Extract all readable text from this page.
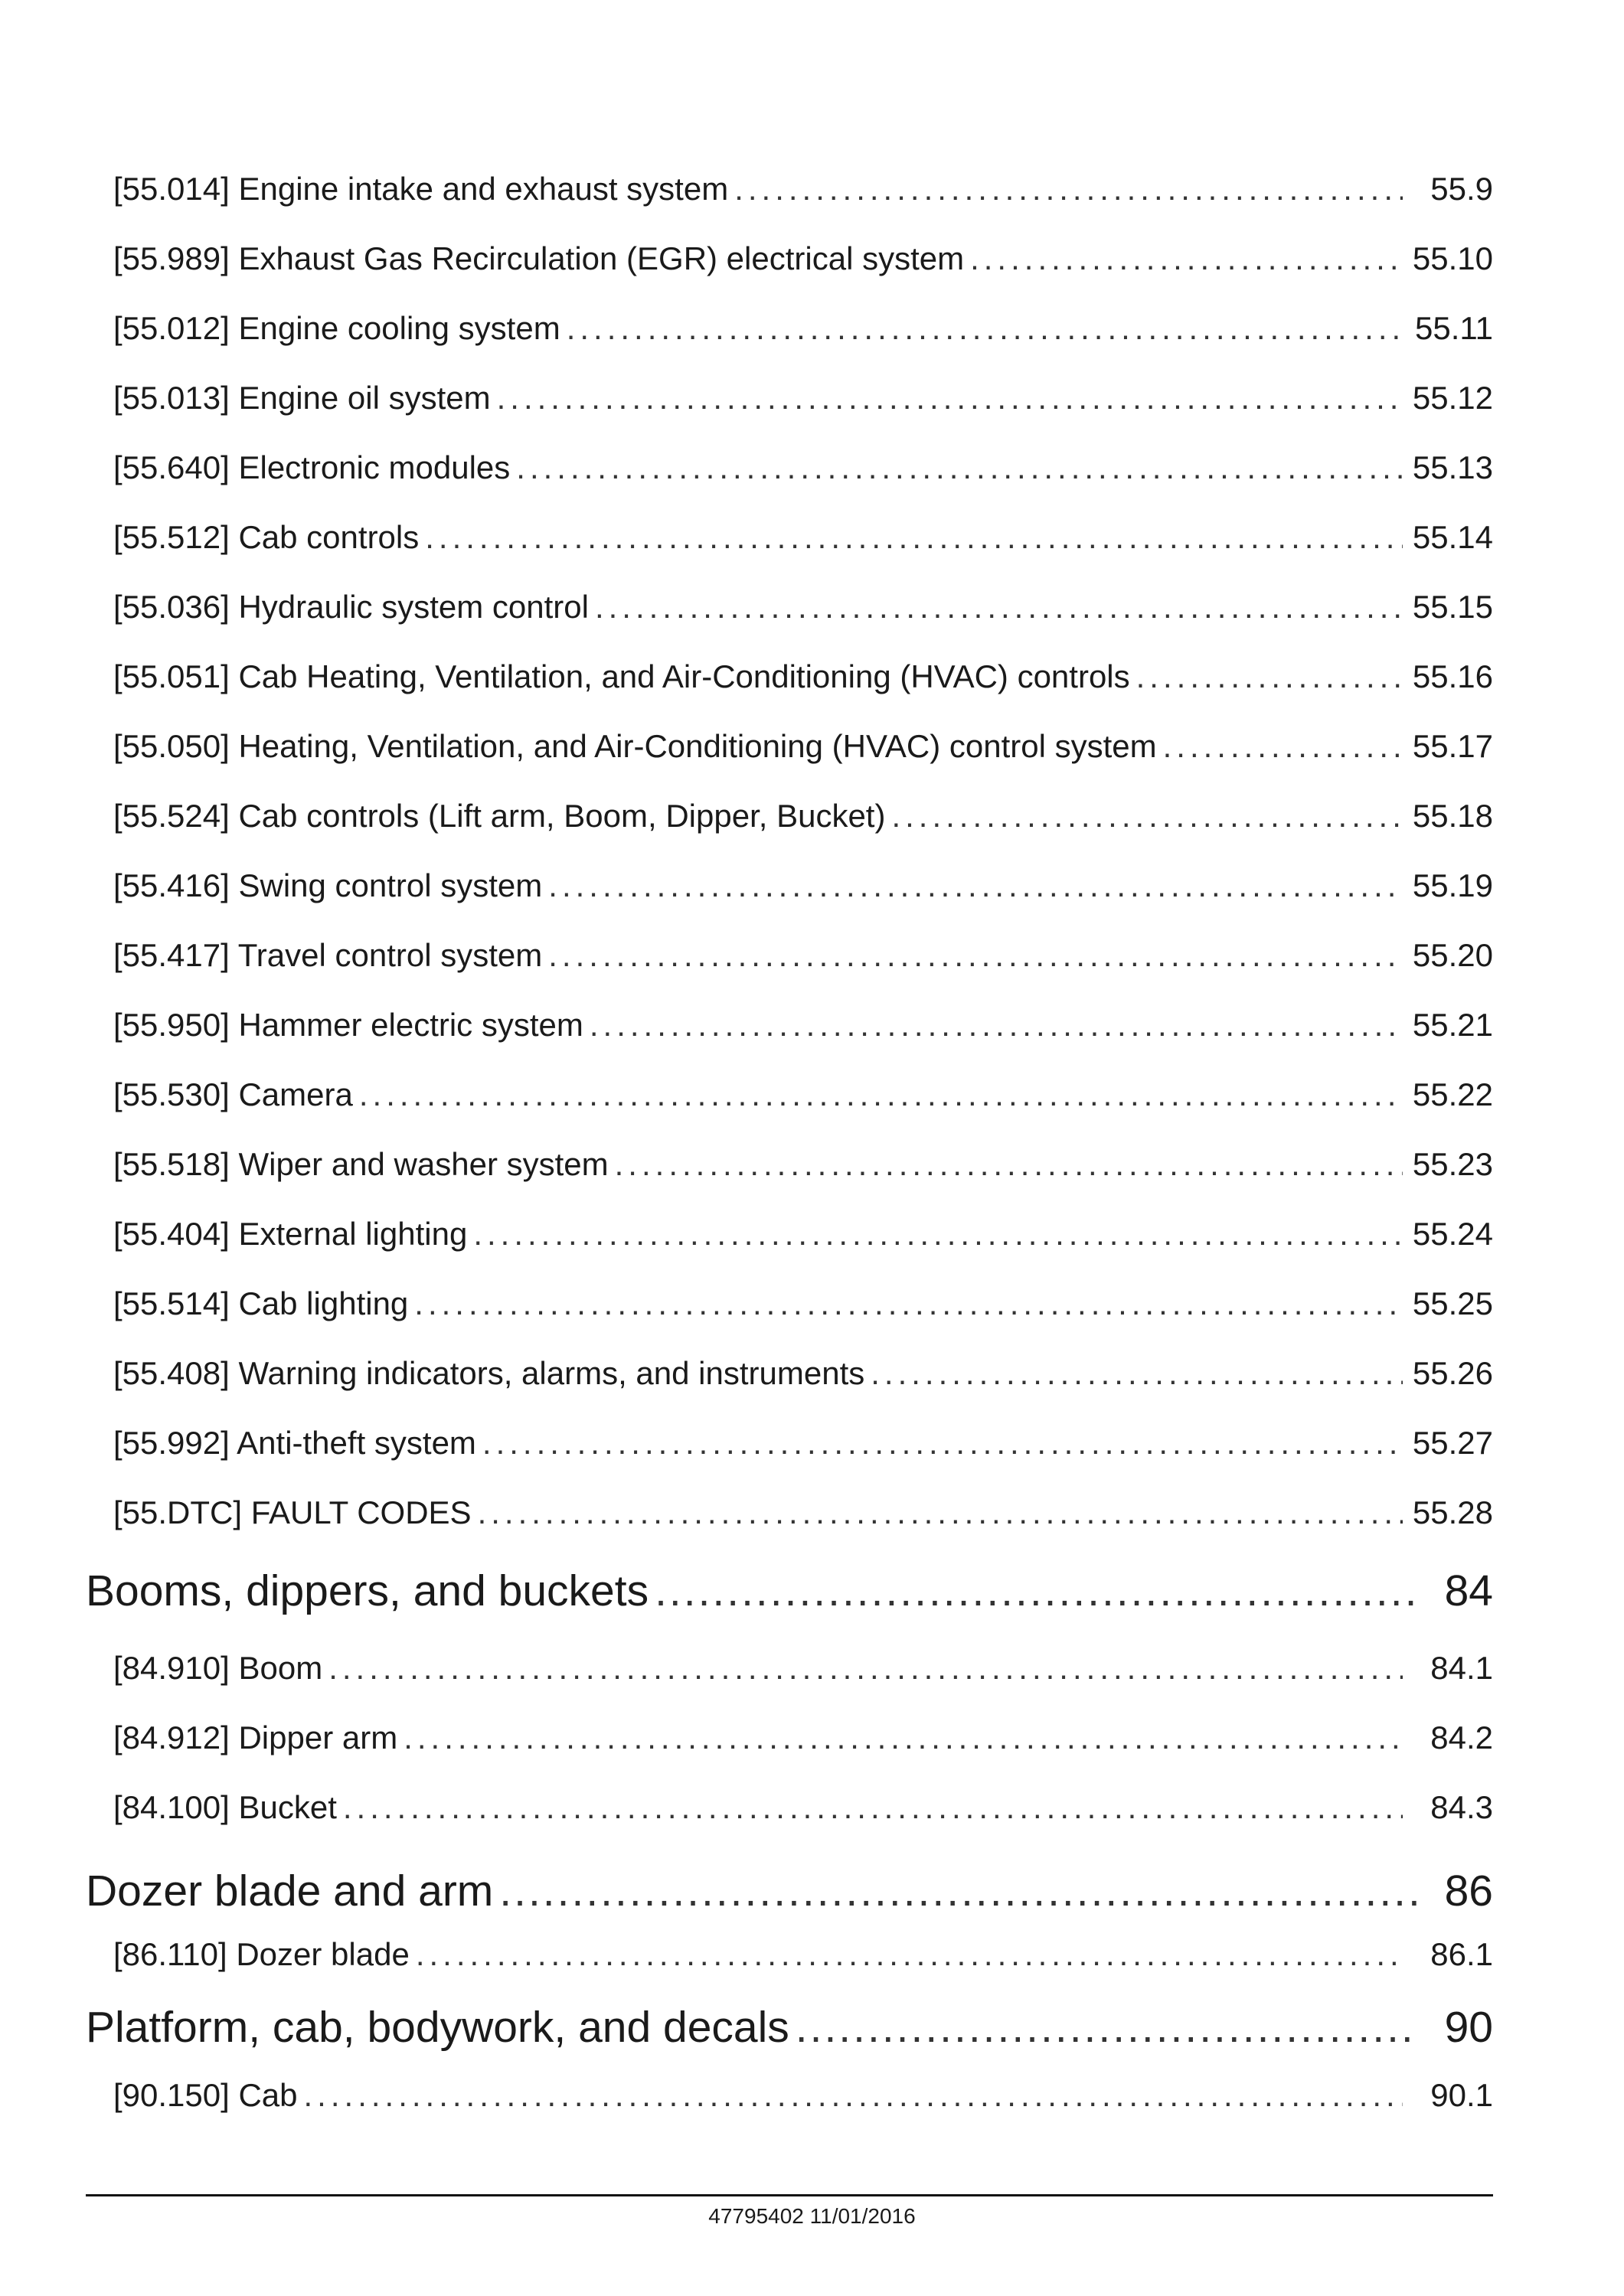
[55.014] Engine intake and exhaust system .....	55.9
[55.989] Exhaust Gas Recirculation (EGR) electrical system .....	55.10
[55.012] Engine cooling system .....	55.11
[55.013] Engine oil system .....	55.12
[55.640] Electronic modules .....	55.13
[55.512] Cab controls .....	55.14
[55.036] Hydraulic system control .....	55.15
[55.051] Cab Heating, Ventilation, and Air-Conditioning (HVAC) controls .....	55.16
[55.050] Heating, Ventilation, and Air-Conditioning (HVAC) control system .....	55.17
[55.524] Cab controls (Lift arm, Boom, Dipper, Bucket) .....	55.18
[55.416] Swing control system .....	55.19
[55.417] Travel control system .....	55.20
[55.950] Hammer electric system .....	55.21
[55.530] Camera .....	55.22
[55.518] Wiper and washer system .....	55.23
[55.404] External lighting .....	55.24
[55.514] Cab lighting .....	55.25
[55.408] Warning indicators, alarms, and instruments .....	55.26
[55.992] Anti-theft system .....	55.27
[55.DTC] FAULT CODES .....	55.28
Booms, dippers, and buckets .....	84
[84.910] Boom .....	84.1
[84.912] Dipper arm .....	84.2
[84.100] Bucket .....	84.3
Dozer blade and arm .....	86
[86.110] Dozer blade .....	86.1
Platform, cab, bodywork, and decals .....	90
[90.150] Cab .....	90.1
47795402 11/01/2016
